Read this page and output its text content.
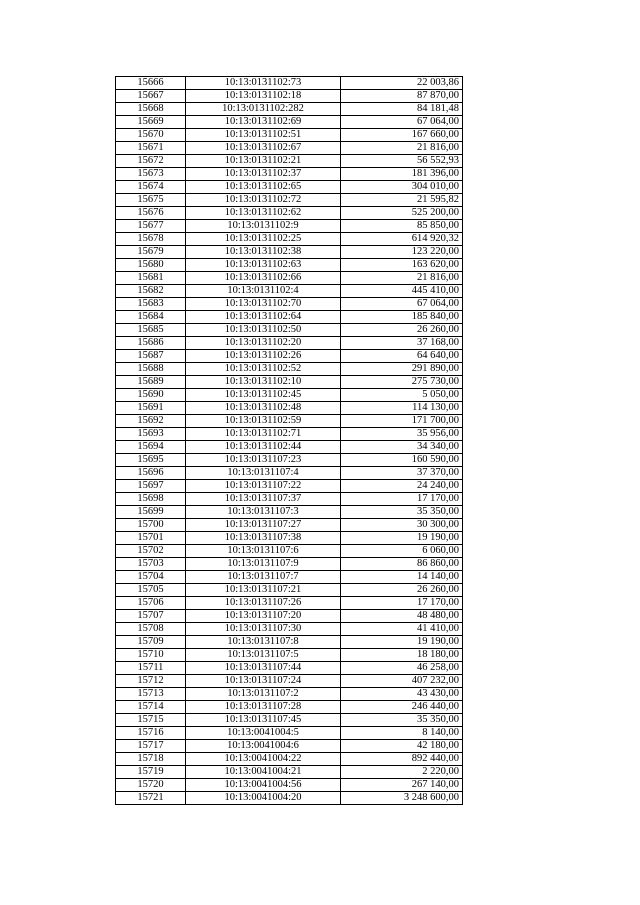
15666	10:13:0131102:73	22 003,86
15667	10:13:0131102:18	87 870,00
15668	10:13:0131102:282	84 181,48
15669	10:13:0131102:69	67 064,00
15670	10:13:0131102:51	167 660,00
15671	10:13:0131102:67	21 816,00
15672	10:13:0131102:21	56 552,93
15673	10:13:0131102:37	181 396,00
15674	10:13:0131102:65	304 010,00
15675	10:13:0131102:72	21 595,82
15676	10:13:0131102:62	525 200,00
15677	10:13:0131102:9	85 850,00
15678	10:13:0131102:25	614 920,32
15679	10:13:0131102:38	123 220,00
15680	10:13:0131102:63	163 620,00
15681	10:13:0131102:66	21 816,00
15682	10:13:0131102:4	445 410,00
15683	10:13:0131102:70	67 064,00
15684	10:13:0131102:64	185 840,00
15685	10:13:0131102:50	26 260,00
15686	10:13:0131102:20	37 168,00
15687	10:13:0131102:26	64 640,00
15688	10:13:0131102:52	291 890,00
15689	10:13:0131102:10	275 730,00
15690	10:13:0131102:45	5 050,00
15691	10:13:0131102:48	114 130,00
15692	10:13:0131102:59	171 700,00
15693	10:13:0131102:71	35 956,00
15694	10:13:0131102:44	34 340,00
15695	10:13:0131107:23	160 590,00
15696	10:13:0131107:4	37 370,00
15697	10:13:0131107:22	24 240,00
15698	10:13:0131107:37	17 170,00
15699	10:13:0131107:3	35 350,00
15700	10:13:0131107:27	30 300,00
15701	10:13:0131107:38	19 190,00
15702	10:13:0131107:6	6 060,00
15703	10:13:0131107:9	86 860,00
15704	10:13:0131107:7	14 140,00
15705	10:13:0131107:21	26 260,00
15706	10:13:0131107:26	17 170,00
15707	10:13:0131107:20	48 480,00
15708	10:13:0131107:30	41 410,00
15709	10:13:0131107:8	19 190,00
15710	10:13:0131107:5	18 180,00
15711	10:13:0131107:44	46 258,00
15712	10:13:0131107:24	407 232,00
15713	10:13:0131107:2	43 430,00
15714	10:13:0131107:28	246 440,00
15715	10:13:0131107:45	35 350,00
15716	10:13:0041004:5	8 140,00
15717	10:13:0041004:6	42 180,00
15718	10:13:0041004:22	892 440,00
15719	10:13:0041004:21	2 220,00
15720	10:13:0041004:56	267 140,00
15721	10:13:0041004:20	3 248 600,00
